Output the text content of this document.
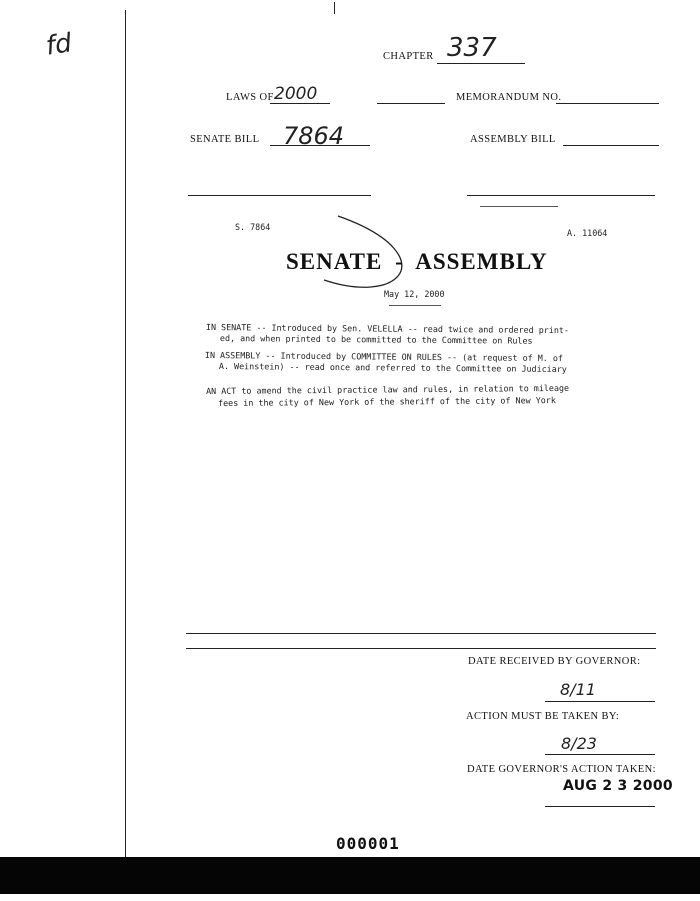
fd	CHAPTER 337
LAWS OF 2000	MEMORANDUM NO.
SENATE BILL 7864	ASSEMBLY BILL
S. 7864
A. 11064
SENATE - ASSEMBLY
May 12, 2000
IN SENATE -- Introduced by Sen. VELELLA -- read twice and ordered print-
ed, and when printed to be committed to the Committee on Rules
IN ASSEMBLY -- Introduced by COMMITTEE ON RULES -- (at request of M. of
A. Weinstein) -- read once and referred to the Committee on Judiciary
AN ACT to amend the civil practice law and rules, in relation to mileage
fees in the city of New York of the sheriff of the city of New York
DATE RECEIVED BY GOVERNOR:
8/11
ACTION MUST BE TAKEN BY:
8/23
DATE GOVERNOR'S ACTION TAKEN:
AUG 2 3 2000
000001
